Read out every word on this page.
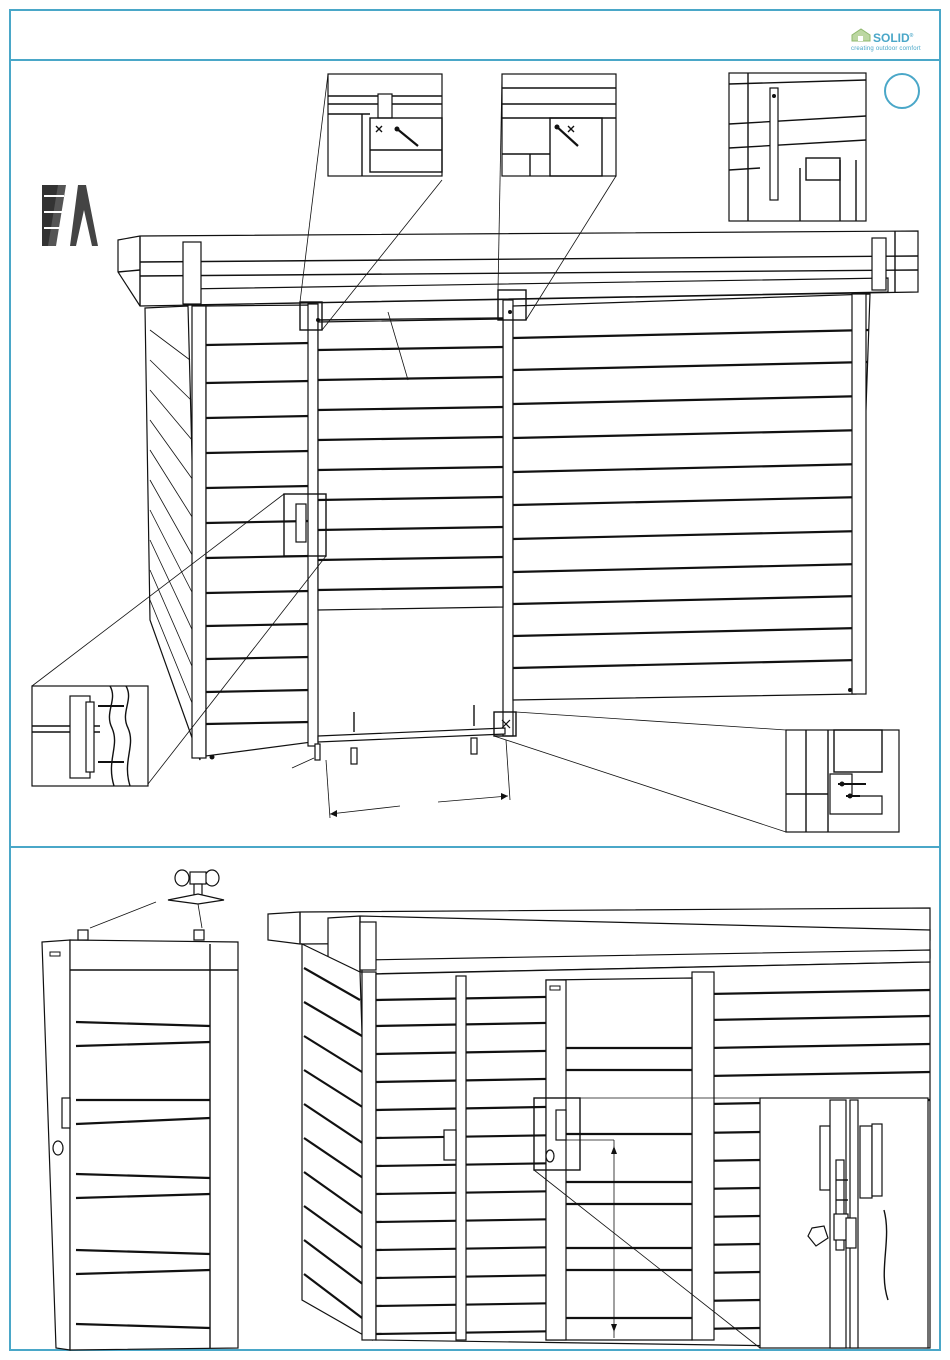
SOLID®
creating outdoor comfort
